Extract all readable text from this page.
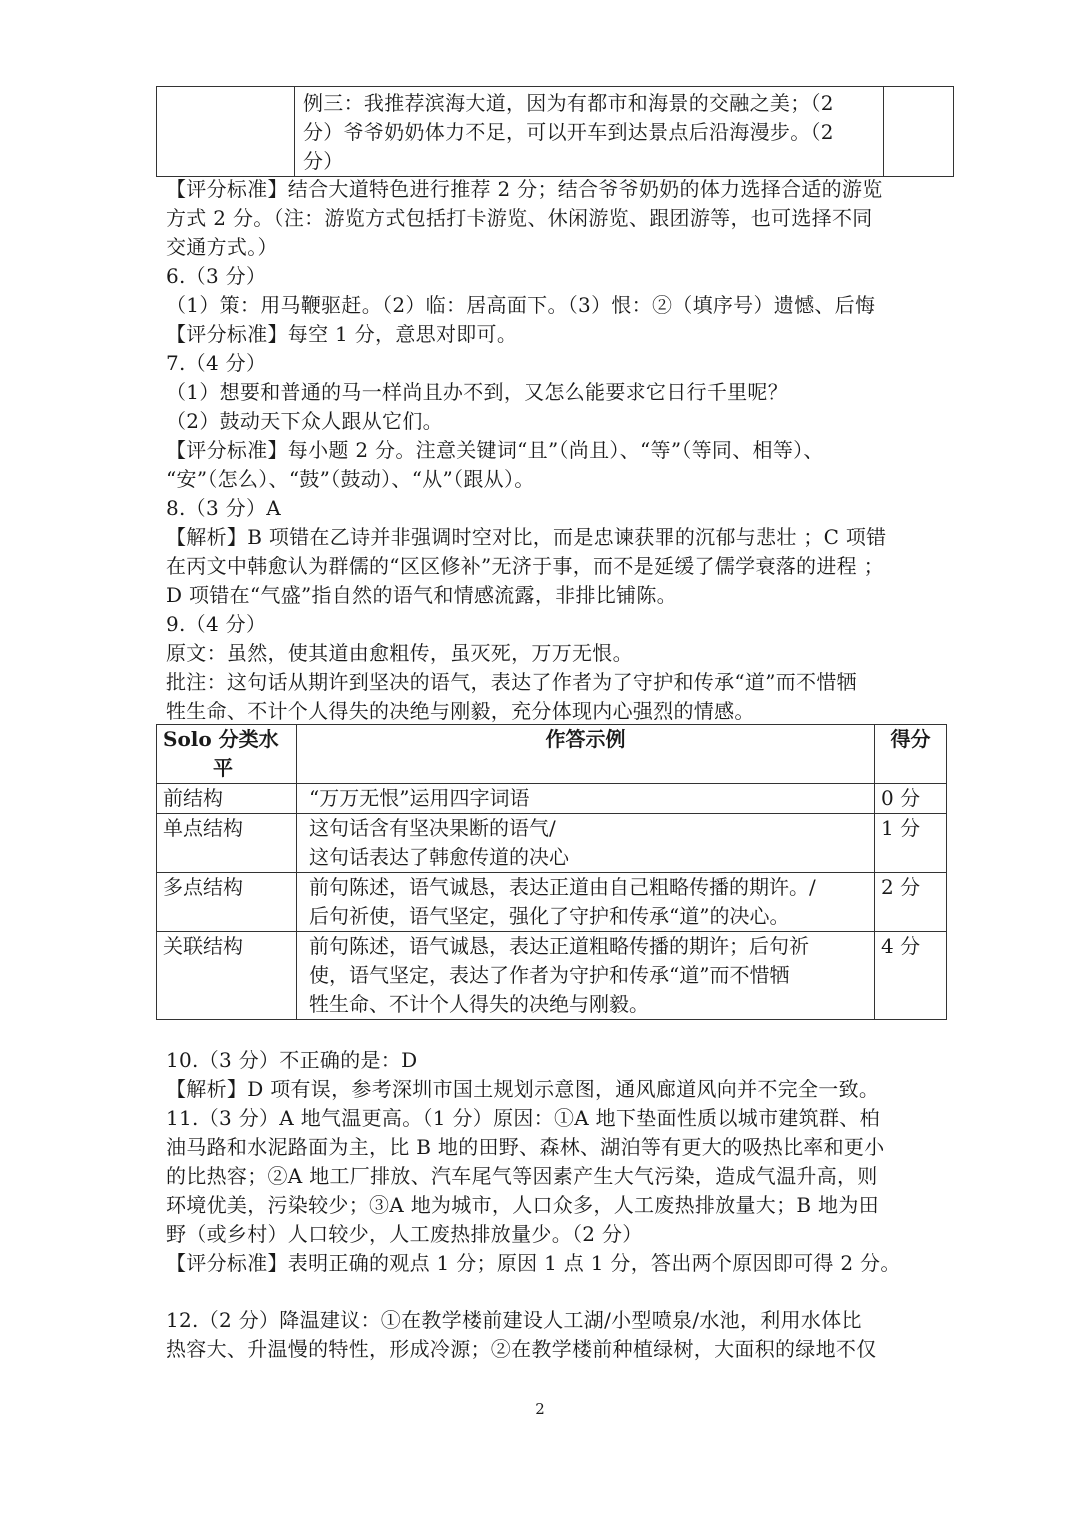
例三：我推荐滨海大道，因为有都市和海景的交融之美；（2
分）爷爷奶奶体力不足，可以开车到达景点后沿海漫步。（2
分）

【评分标准】结合大道特色进行推荐 2 分；结合爷爷奶奶的体力选择合适的游览
方式 2 分。（注：游览方式包括打卡游览、休闲游览、跟团游等，也可选择不同
交通方式。）
6.（3 分）
（1）策：用马鞭驱赶。（2）临：居高面下。（3）恨：②（填序号）遗憾、后悔
【评分标准】每空 1 分，意思对即可。
7.（4 分）
（1）想要和普通的马一样尚且办不到，又怎么能要求它日行千里呢？
（2）鼓动天下众人跟从它们。
【评分标准】每小题 2 分。注意关键词“且”（尚且）、“等”（等同、相等）、
“安”（怎么）、“鼓”（鼓动）、“从”（跟从）。
8.（3 分）A
【解析】B 项错在乙诗并非强调时空对比，而是忠谏获罪的沉郁与悲壮 ；C 项错
在丙文中韩愈认为群儒的“区区修补”无济于事，而不是延缓了儒学衰落的进程 ；
D 项错在“气盛”指自然的语气和情感流露，非排比铺陈。
9.（4 分）
原文：虽然，使其道由愈粗传，虽灭死，万万无恨。
批注：这句话从期许到坚决的语气，表达了作者为了守护和传承“道”而不惜牺
牲生命、不计个人得失的决绝与刚毅，充分体现内心强烈的情感。
Solo 分类水
平	作答示例	得分
前结构	“万万无恨”运用四字词语	0 分
单点结构	这句话含有坚决果断的语气/
这句话表达了韩愈传道的决心	1 分
多点结构	前句陈述，语气诚恳，表达正道由自己粗略传播的期许。/
后句祈使，语气坚定，强化了守护和传承“道”的决心。	2 分
关联结构	前句陈述，语气诚恳，表达正道粗略传播的期许；后句祈
使，语气坚定，表达了作者为守护和传承“道”而不惜牺
牲生命、不计个人得失的决绝与刚毅。	4 分
10.（3 分）不正确的是：D
【解析】D 项有误，参考深圳市国土规划示意图，通风廊道风向并不完全一致。
11.（3 分）A 地气温更高。（1 分）原因：①A 地下垫面性质以城市建筑群、柏
油马路和水泥路面为主，比 B 地的田野、森林、湖泊等有更大的吸热比率和更小
的比热容；②A 地工厂排放、汽车尾气等因素产生大气污染，造成气温升高，则
环境优美，污染较少；③A 地为城市，人口众多，人工废热排放量大；B 地为田
野（或乡村）人口较少，人工废热排放量少。（2 分）
【评分标准】表明正确的观点 1 分；原因 1 点 1 分，答出两个原因即可得 2 分。
12.（2 分）降温建议：①在教学楼前建设人工湖/小型喷泉/水池，利用水体比
热容大、升温慢的特性，形成冷源；②在教学楼前种植绿树，大面积的绿地不仅
2
